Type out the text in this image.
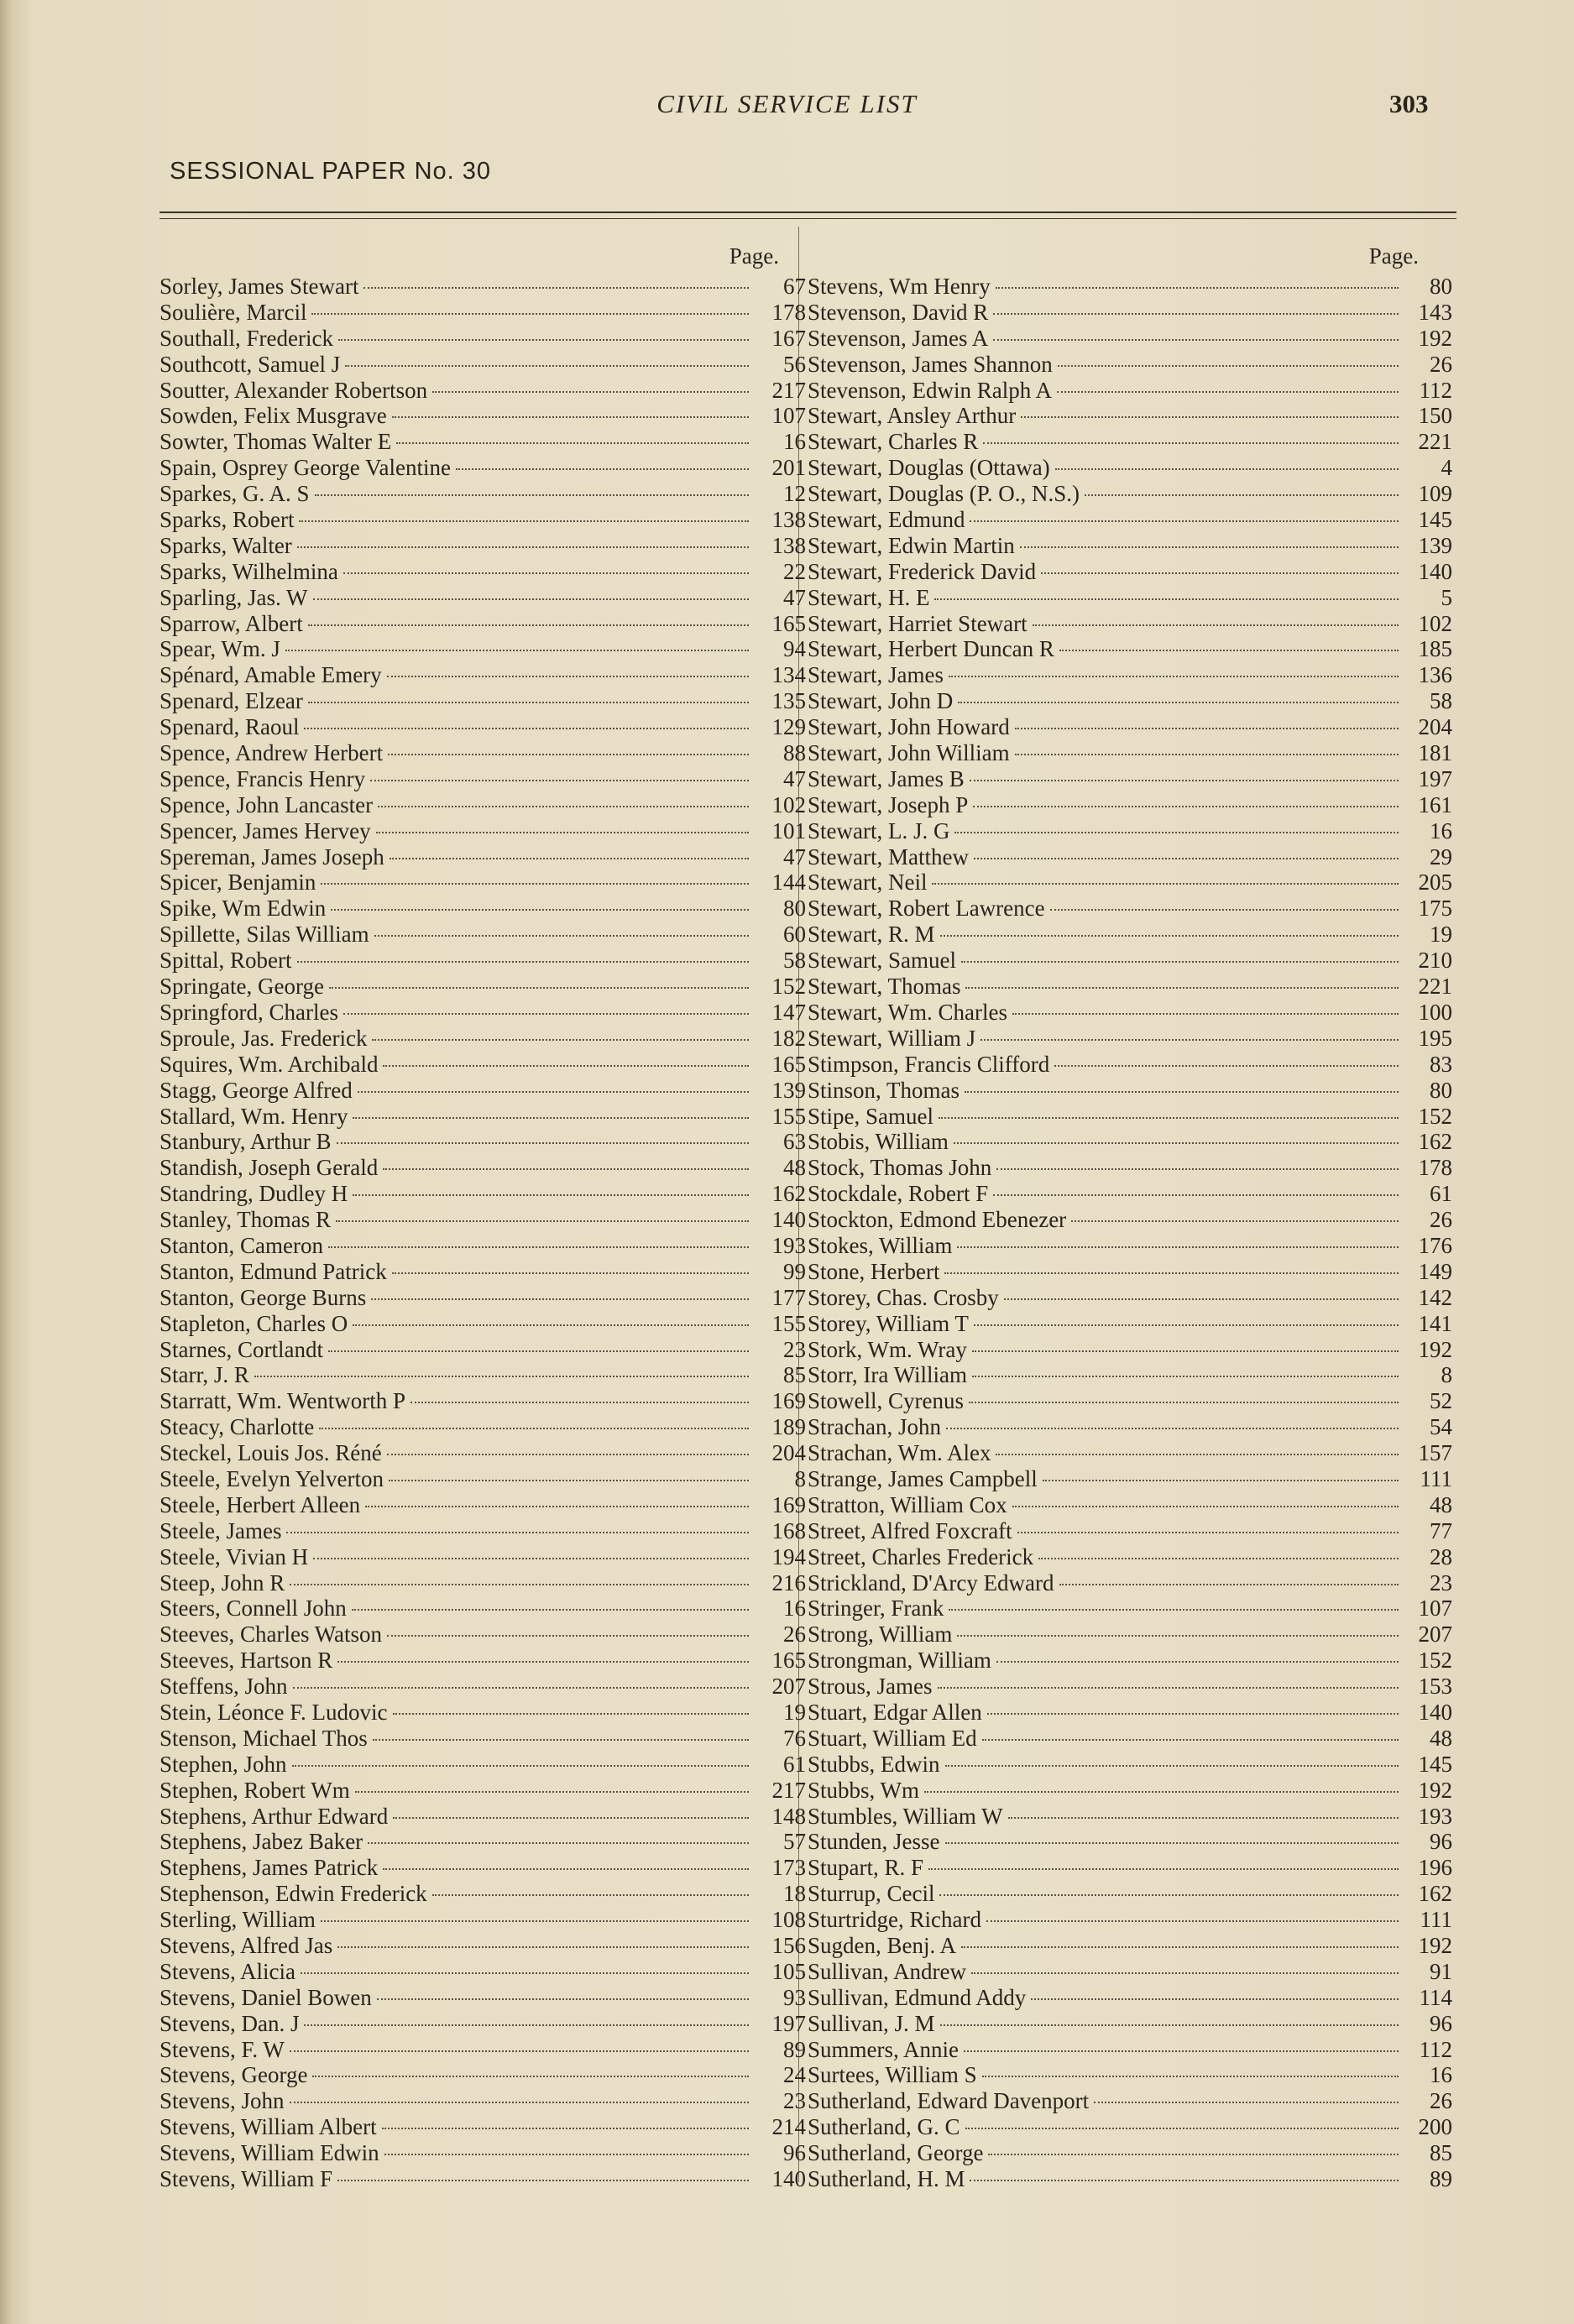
CIVIL SERVICE LIST	303
SESSIONAL PAPER No. 30
Page.
Sorley, James Stewart	67
Soulière, Marcil	178
Southall, Frederick	167
Southcott, Samuel J	56
Soutter, Alexander Robertson	217
Sowden, Felix Musgrave	107
Sowter, Thomas Walter E	16
Spain, Osprey George Valentine	201
Sparkes, G. A. S	12
Sparks, Robert	138
Sparks, Walter	138
Sparks, Wilhelmina	22
Sparling, Jas. W	47
Sparrow, Albert	165
Spear, Wm. J	94
Spénard, Amable Emery	134
Spenard, Elzear	135
Spenard, Raoul	129
Spence, Andrew Herbert	88
Spence, Francis Henry	47
Spence, John Lancaster	102
Spencer, James Hervey	101
Spereman, James Joseph	47
Spicer, Benjamin	144
Spike, Wm Edwin	80
Spillette, Silas William	60
Spittal, Robert	58
Springate, George	152
Springford, Charles	147
Sproule, Jas. Frederick	182
Squires, Wm. Archibald	165
Stagg, George Alfred	139
Stallard, Wm. Henry	155
Stanbury, Arthur B	63
Standish, Joseph Gerald	48
Standring, Dudley H	162
Stanley, Thomas R	140
Stanton, Cameron	193
Stanton, Edmund Patrick	99
Stanton, George Burns	177
Stapleton, Charles O	155
Starnes, Cortlandt	23
Starr, J. R	85
Starratt, Wm. Wentworth P	169
Steacy, Charlotte	189
Steckel, Louis Jos. Réné	204
Steele, Evelyn Yelverton	8
Steele, Herbert Alleen	169
Steele, James	168
Steele, Vivian H	194
Steep, John R	216
Steers, Connell John	16
Steeves, Charles Watson	26
Steeves, Hartson R	165
Steffens, John	207
Stein, Léonce F. Ludovic	19
Stenson, Michael Thos	76
Stephen, John	61
Stephen, Robert Wm	217
Stephens, Arthur Edward	148
Stephens, Jabez Baker	57
Stephens, James Patrick	173
Stephenson, Edwin Frederick	18
Sterling, William	108
Stevens, Alfred Jas	156
Stevens, Alicia	105
Stevens, Daniel Bowen	93
Stevens, Dan. J	197
Stevens, F. W	89
Stevens, George	24
Stevens, John	23
Stevens, William Albert	214
Stevens, William Edwin	96
Stevens, William F	140
Page.
Stevens, Wm Henry	80
Stevenson, David R	143
Stevenson, James A	192
Stevenson, James Shannon	26
Stevenson, Edwin Ralph A	112
Stewart, Ansley Arthur	150
Stewart, Charles R	221
Stewart, Douglas (Ottawa)	4
Stewart, Douglas (P. O., N.S.)	109
Stewart, Edmund	145
Stewart, Edwin Martin	139
Stewart, Frederick David	140
Stewart, H. E	5
Stewart, Harriet Stewart	102
Stewart, Herbert Duncan R	185
Stewart, James	136
Stewart, John D	58
Stewart, John Howard	204
Stewart, John William	181
Stewart, James B	197
Stewart, Joseph P	161
Stewart, L. J. G	16
Stewart, Matthew	29
Stewart, Neil	205
Stewart, Robert Lawrence	175
Stewart, R. M	19
Stewart, Samuel	210
Stewart, Thomas	221
Stewart, Wm. Charles	100
Stewart, William J	195
Stimpson, Francis Clifford	83
Stinson, Thomas	80
Stipe, Samuel	152
Stobis, William	162
Stock, Thomas John	178
Stockdale, Robert F	61
Stockton, Edmond Ebenezer	26
Stokes, William	176
Stone, Herbert	149
Storey, Chas. Crosby	142
Storey, William T	141
Stork, Wm. Wray	192
Storr, Ira William	8
Stowell, Cyrenus	52
Strachan, John	54
Strachan, Wm. Alex	157
Strange, James Campbell	111
Stratton, William Cox	48
Street, Alfred Foxcraft	77
Street, Charles Frederick	28
Strickland, D'Arcy Edward	23
Stringer, Frank	107
Strong, William	207
Strongman, William	152
Strous, James	153
Stuart, Edgar Allen	140
Stuart, William Ed	48
Stubbs, Edwin	145
Stubbs, Wm	192
Stumbles, William W	193
Stunden, Jesse	96
Stupart, R. F	196
Sturrup, Cecil	162
Sturtridge, Richard	111
Sugden, Benj. A	192
Sullivan, Andrew	91
Sullivan, Edmund Addy	114
Sullivan, J. M	96
Summers, Annie	112
Surtees, William S	16
Sutherland, Edward Davenport	26
Sutherland, G. C	200
Sutherland, George	85
Sutherland, H. M	89
